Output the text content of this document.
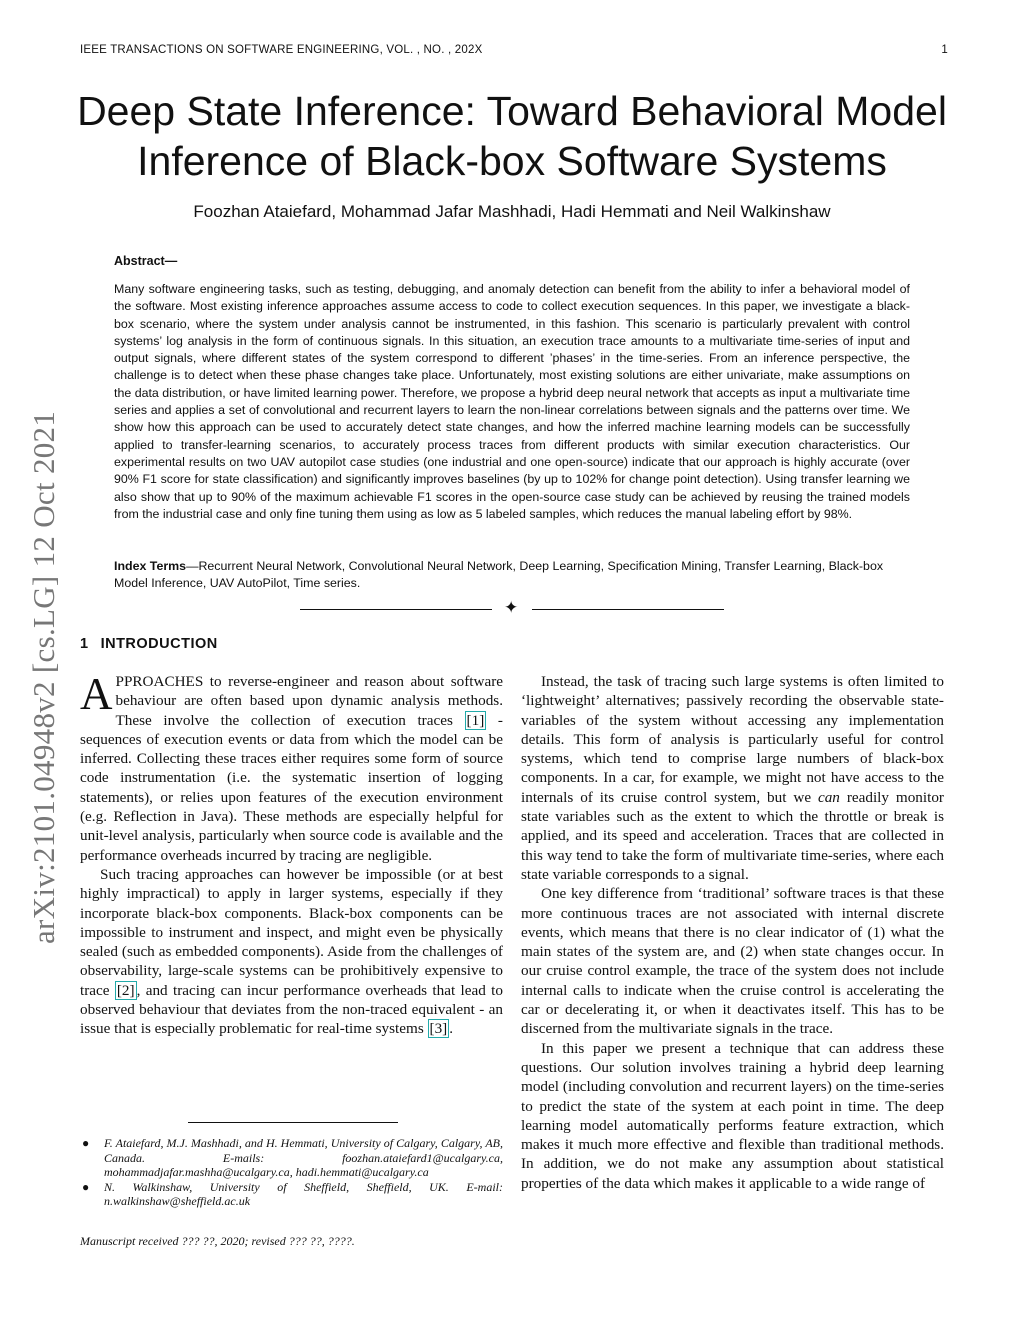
IEEE TRANSACTIONS ON SOFTWARE ENGINEERING, VOL. , NO. , 202X	1
Deep State Inference: Toward Behavioral Model Inference of Black-box Software Systems
Foozhan Ataiefard, Mohammad Jafar Mashhadi, Hadi Hemmati and Neil Walkinshaw
Abstract—

Many software engineering tasks, such as testing, debugging, and anomaly detection can benefit from the ability to infer a behavioral model of the software. Most existing inference approaches assume access to code to collect execution sequences. In this paper, we investigate a black-box scenario, where the system under analysis cannot be instrumented, in this fashion. This scenario is particularly prevalent with control systems’ log analysis in the form of continuous signals. In this situation, an execution trace amounts to a multivariate time-series of input and output signals, where different states of the system correspond to different ’phases’ in the time-series. From an inference perspective, the challenge is to detect when these phase changes take place. Unfortunately, most existing solutions are either univariate, make assumptions on the data distribution, or have limited learning power. Therefore, we propose a hybrid deep neural network that accepts as input a multivariate time series and applies a set of convolutional and recurrent layers to learn the non-linear correlations between signals and the patterns over time. We show how this approach can be used to accurately detect state changes, and how the inferred machine learning models can be successfully applied to transfer-learning scenarios, to accurately process traces from different products with similar execution characteristics. Our experimental results on two UAV autopilot case studies (one industrial and one open-source) indicate that our approach is highly accurate (over 90% F1 score for state classification) and significantly improves baselines (by up to 102% for change point detection). Using transfer learning we also show that up to 90% of the maximum achievable F1 scores in the open-source case study can be achieved by reusing the trained models from the industrial case and only fine tuning them using as low as 5 labeled samples, which reduces the manual labeling effort by 98%.

Index Terms—Recurrent Neural Network, Convolutional Neural Network, Deep Learning, Specification Mining, Transfer Learning, Black-box Model Inference, UAV AutoPilot, Time series.

✦
1 INTRODUCTION

APPROACHES to reverse-engineer and reason about software behaviour are often based upon dynamic analysis methods. These involve the collection of execution traces [1] - sequences of execution events or data from which the model can be inferred. Collecting these traces either requires some form of source code instrumentation (i.e. the systematic insertion of logging statements), or relies upon features of the execution environment (e.g. Reflection in Java). These methods are especially helpful for unit-level analysis, particularly when source code is available and the performance overheads incurred by tracing are negligible.

Such tracing approaches can however be impossible (or at best highly impractical) to apply in larger systems, especially if they incorporate black-box components. Black-box components can be impossible to instrument and inspect, and might even be physically sealed (such as embedded components). Aside from the challenges of observability, large-scale systems can be prohibitively expensive to trace [2] , and tracing can incur performance overheads that lead to observed behaviour that deviates from the non-traced equivalent - an issue that is especially problematic for real-time systems [3] .

● F. Ataiefard, M.J. Mashhadi, and H. Hemmati, University of Calgary, Calgary, AB, Canada. E-mails: foozhan.ataiefard1@ucalgary.ca, mohammadjafar.mashha@ucalgary.ca, hadi.hemmati@ucalgary.ca
● N. Walkinshaw, University of Sheffield, Sheffield, UK. E-mail: n.walkinshaw@sheffield.ac.uk
Manuscript received ??? ??, 2020; revised ??? ??, ????.

Instead, the task of tracing such large systems is often limited to ‘lightweight’ alternatives; passively recording the observable state-variables of the system without accessing any implementation details. This form of analysis is particularly useful for control systems, which tend to comprise large numbers of black-box components. In a car, for example, we might not have access to the internals of its cruise control system, but we can readily monitor state variables such as the extent to which the throttle or break is applied, and its speed and acceleration. Traces that are collected in this way tend to take the form of multivariate time-series, where each state variable corresponds to a signal.

One key difference from ‘traditional’ software traces is that these more continuous traces are not associated with internal discrete events, which means that there is no clear indicator of (1) what the main states of the system are, and (2) when state changes occur. In our cruise control example, the trace of the system does not include internal calls to indicate when the cruise control is accelerating the car or decelerating it, or when it deactivates itself. This has to be discerned from the multivariate signals in the trace.

In this paper we present a technique that can address these questions. Our solution involves training a hybrid deep learning model (including convolution and recurrent layers) on the time-series to predict the state of the system at each point in time. The deep learning model automatically performs feature extraction, which makes it much more effective and flexible than traditional methods. In addition, we do not make any assumption about statistical properties of the data which makes it applicable to a wide range of

arXiv:2101.04948v2 [cs.LG] 12 Oct 2021
